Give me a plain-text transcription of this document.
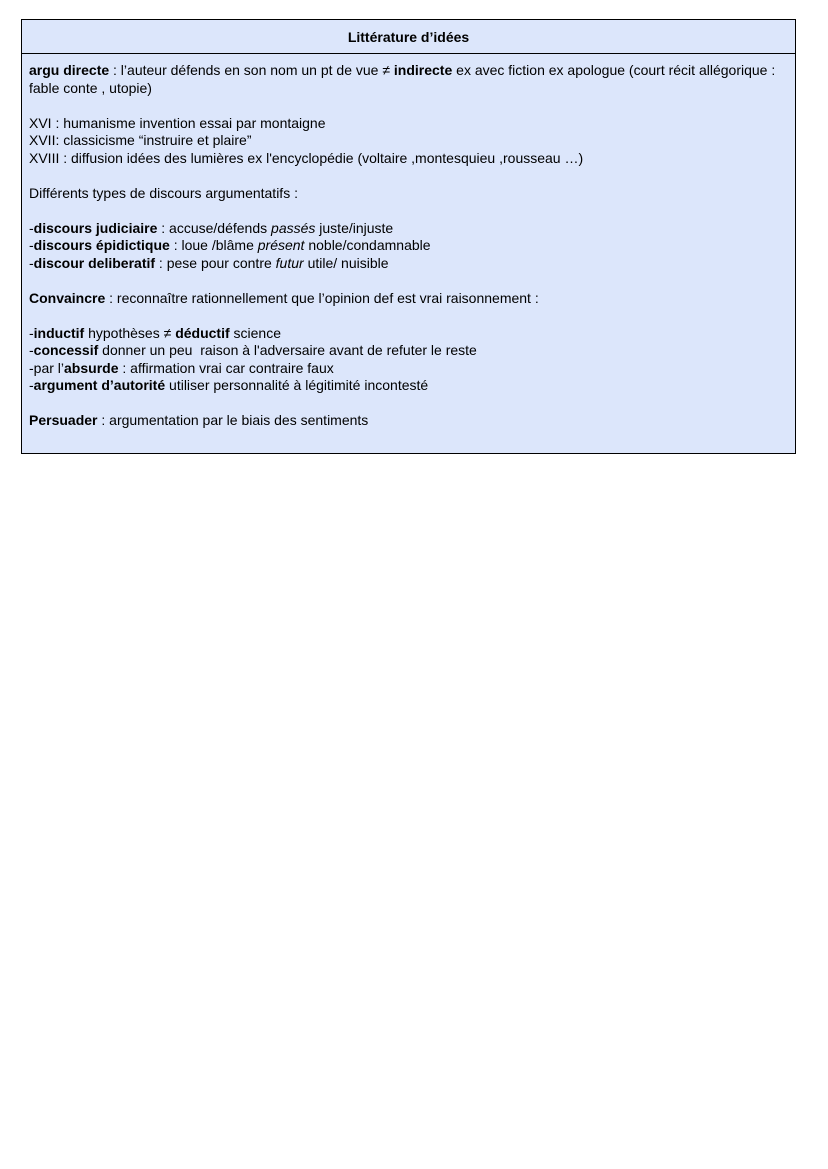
Littérature d’idées

argu directe : l’auteur défends en son nom un pt de vue ≠ indirecte ex avec fiction ex apologue (court récit allégorique : fable conte , utopie)

XVI : humanisme invention essai par montaigne

XVII: classicisme “instruire et plaire”

XVIII : diffusion idées des lumières ex l'encyclopédie (voltaire ,montesquieu ,rousseau …)

Différents types de discours argumentatifs :

-discours judiciaire : accuse/défends passés juste/injuste

-discours épidictique : loue /blâme présent noble/condamnable

-discour deliberatif : pese pour contre futur utile/ nuisible

Convaincre : reconnaître rationnellement que l’opinion def est vrai raisonnement :

-inductif hypothèses ≠ déductif science

-concessif donner un peu  raison à l'adversaire avant de refuter le reste

-par l’absurde : affirmation vrai car contraire faux

-argument d’autorité utiliser personnalité à légitimité incontesté

Persuader : argumentation par le biais des sentiments
